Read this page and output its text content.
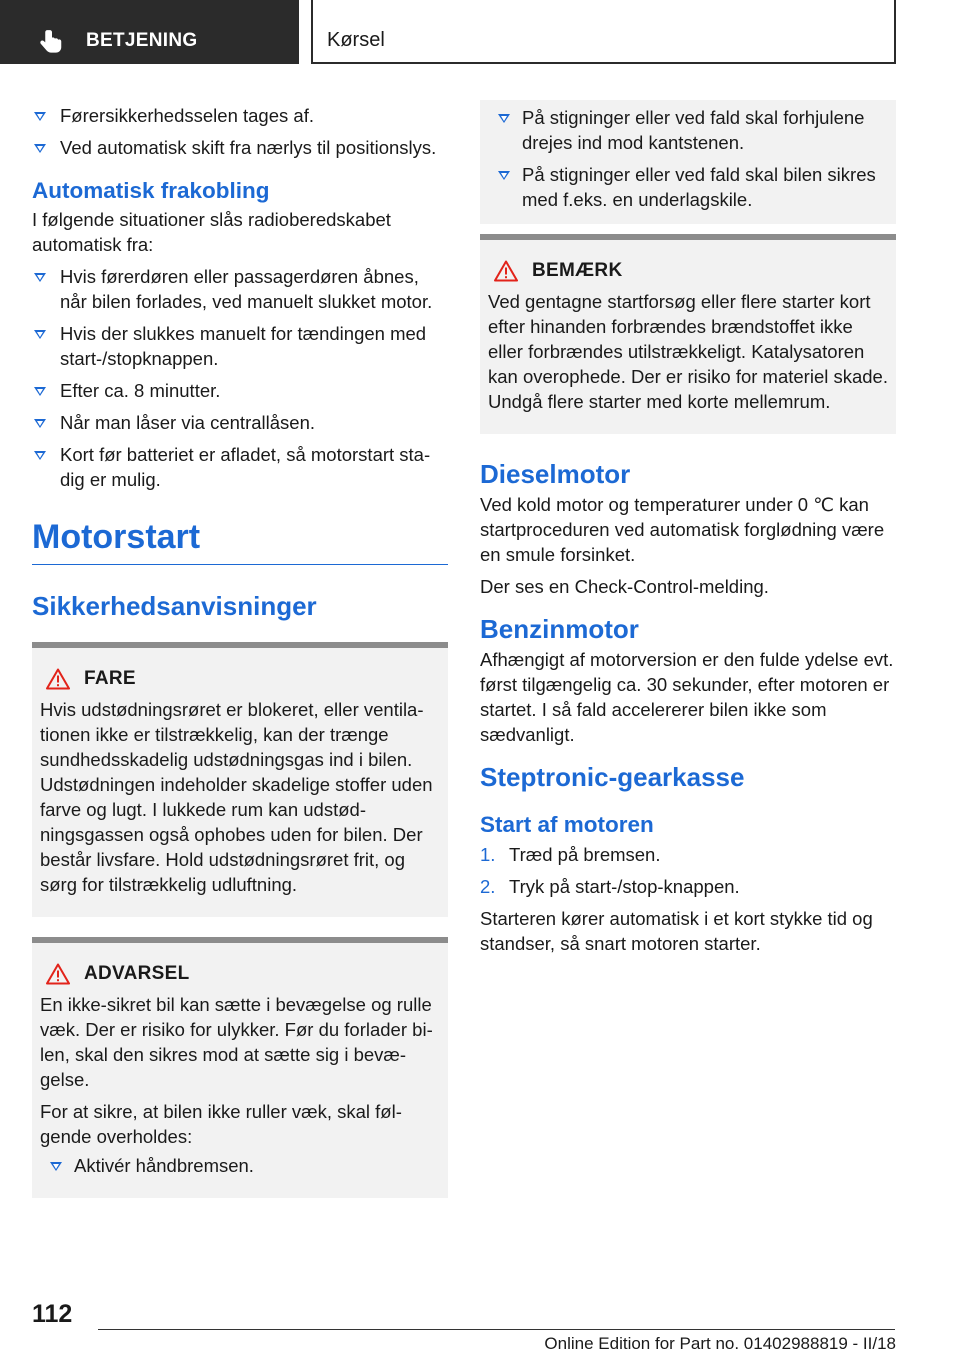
BETJENING	Kørsel
Førersikkerhedsselen tages af.
Ved automatisk skift fra nærlys til positionslys.
Automatisk frakobling
I følgende situationer slås radioberedskabet automatisk fra:
Hvis førerdøren eller passagerdøren åbnes, når bilen forlades, ved manuelt slukket motor.
Hvis der slukkes manuelt for tændingen med start-/stopknappen.
Efter ca. 8 minutter.
Når man låser via centrallåsen.
Kort før batteriet er afladet, så motorstart stadig er mulig.
Motorstart
Sikkerhedsanvisninger
FARE
Hvis udstødningsrøret er blokeret, eller ventilationen ikke er tilstrækkelig, kan der trænge sundhedsskadelig udstødningsgas ind i bilen. Udstødningen indeholder skadelige stoffer uden farve og lugt. I lukkede rum kan udstødningsgassen også ophobes uden for bilen. Der består livsfare. Hold udstødningsrøret frit, og sørg for tilstrækkelig udluftning.
ADVARSEL
En ikke-sikret bil kan sætte i bevægelse og rulle væk. Der er risiko for ulykker. Før du forlader bilen, skal den sikres mod at sætte sig i bevægelse.
For at sikre, at bilen ikke ruller væk, skal følgende overholdes:
Aktivér håndbremsen.
På stigninger eller ved fald skal forhjulene drejes ind mod kantstenen.
På stigninger eller ved fald skal bilen sikres med f.eks. en underlagskile.
BEMÆRK
Ved gentagne startforsøg eller flere starter kort efter hinanden forbrændes brændstoffet ikke eller forbrændes utilstrækkeligt. Katalysatoren kan overophede. Der er risiko for materiel skade. Undgå flere starter med korte mellemrum.
Dieselmotor
Ved kold motor og temperaturer under 0 ℃ kan startproceduren ved automatisk forglødning være en smule forsinket.
Der ses en Check-Control-melding.
Benzinmotor
Afhængigt af motorversion er den fulde ydelse evt. først tilgængelig ca. 30 sekunder, efter motoren er startet. I så fald accelererer bilen ikke som sædvanligt.
Steptronic-gearkasse
Start af motoren
1. Træd på bremsen.
2. Tryk på start-/stop-knappen.
Starteren kører automatisk i et kort stykke tid og standser, så snart motoren starter.
112
Online Edition for Part no. 01402988819 - II/18
